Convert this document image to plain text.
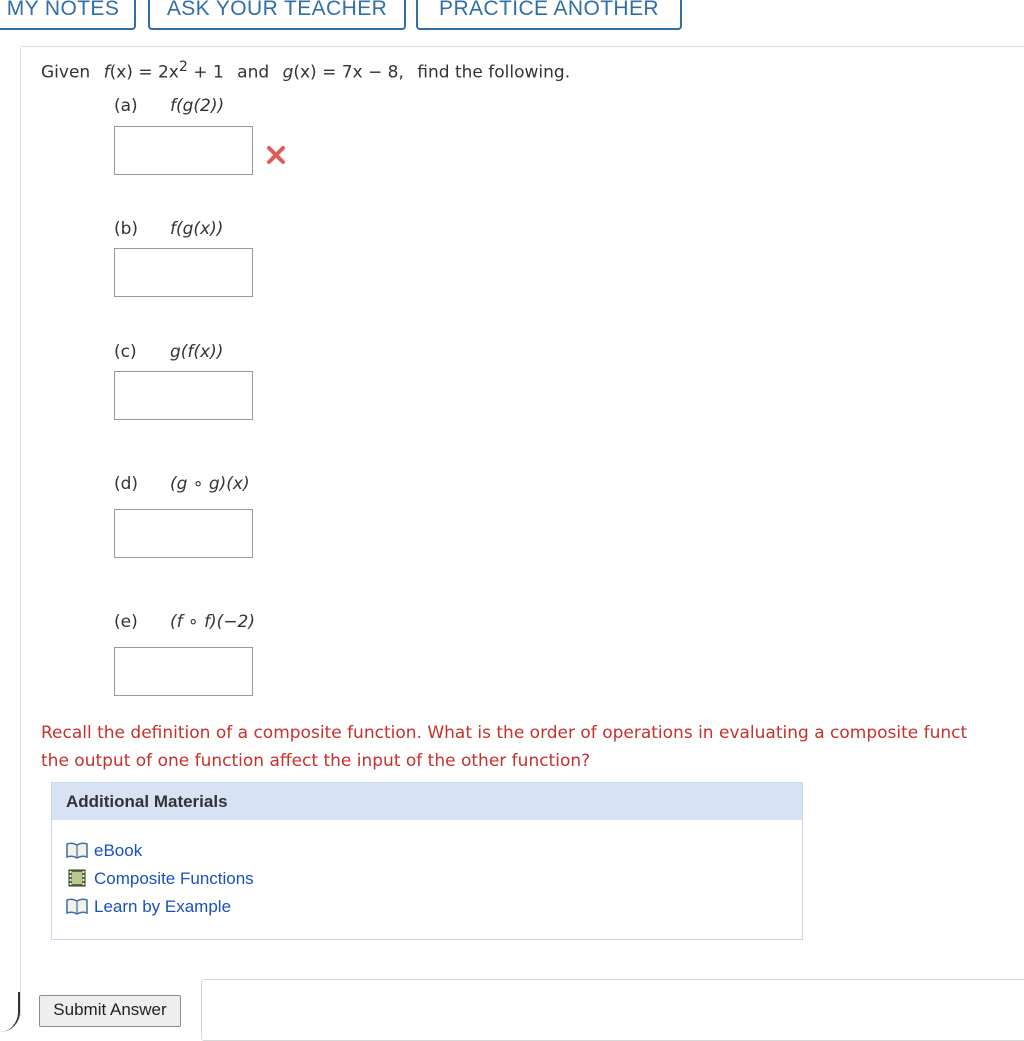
MY NOTES	ASK YOUR TEACHER	PRACTICE ANOTHER
Given $f(x) = 2x^2 + 1$ and g(x) = 7x − 8, find the following.
(a) f(g(2))
(b) f(g(x))
(c) g(f(x))
(d) (g ∘ g)(x)
(e) (f ∘ f)(−2)
Recall the definition of a composite function. What is the order of operations in evaluating a composite funct
the output of one function affect the input of the other function?
Additional Materials
eBook
Composite Functions
Learn by Example
Submit Answer
